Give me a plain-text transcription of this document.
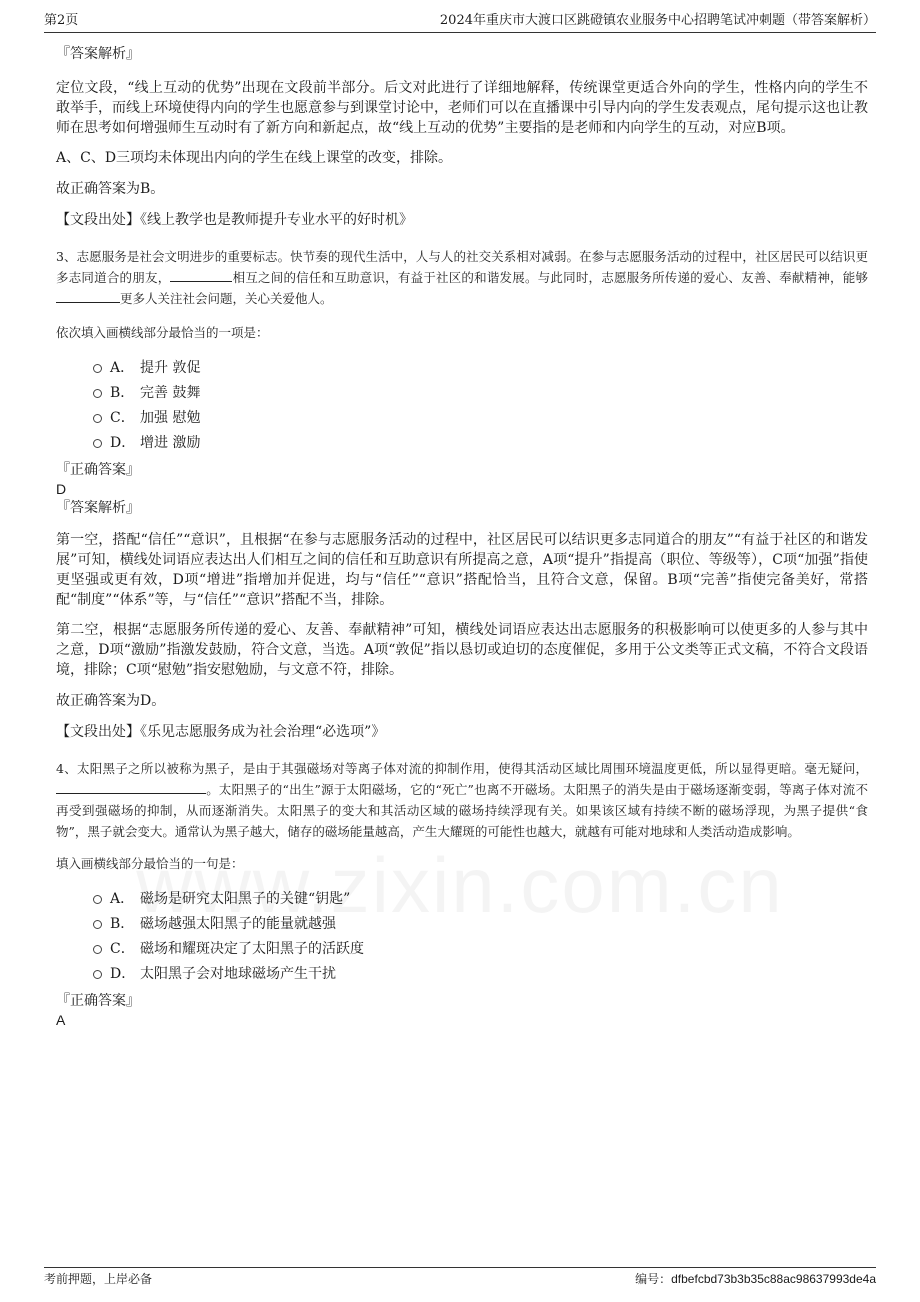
第2页	2024年重庆市大渡口区跳磴镇农业服务中心招聘笔试冲刺题（带答案解析）
『答案解析』

定位文段，“线上互动的优势”出现在文段前半部分。后文对此进行了详细地解释，传统课堂更适合外向的学生，性格内向的学生不敢举手，而线上环境使得内向的学生也愿意参与到课堂讨论中，老师们可以在直播课中引导内向的学生发表观点，尾句提示这也让教师在思考如何增强师生互动时有了新方向和新起点，故“线上互动的优势”主要指的是老师和内向学生的互动，对应B项。

A、C、D三项均未体现出内向的学生在线上课堂的改变，排除。

故正确答案为B。

【文段出处】《线上教学也是教师提升专业水平的好时机》

3、志愿服务是社会文明进步的重要标志。快节奏的现代生活中，人与人的社交关系相对减弱。在参与志愿服务活动的过程中，社区居民可以结识更多志同道合的朋友，	相互之间的信任和互助意识，有益于社区的和谐发展。与此同时，志愿服务所传递的爱心、友善、奉献精神，能够更多人关注社会问题，关心关爱他人。

依次填入画横线部分最恰当的一项是：

A． 提升 敦促
B． 完善 鼓舞
C． 加强 慰勉
D． 增进 激励
『正确答案』
D
『答案解析』

第一空，搭配“信任”“意识”，且根据“在参与志愿服务活动的过程中，社区居民可以结识更多志同道合的朋友”“有益于社区的和谐发展”可知，横线处词语应表达出人们相互之间的信任和互助意识有所提高之意，A项“提升”指提高（职位、等级等），C项“加强”指使更坚强或更有效，D项“增进”指增加并促进，均与“信任”“意识”搭配恰当，且符合文意，保留。B项“完善”指使完备美好，常搭配“制度”“体系”等，与“信任”“意识”搭配不当，排除。

第二空，根据“志愿服务所传递的爱心、友善、奉献精神”可知，横线处词语应表达出志愿服务的积极影响可以使更多的人参与其中之意，D项“激励”指激发鼓励，符合文意，当选。A项“敦促”指以恳切或迫切的态度催促，多用于公文类等正式文稿，不符合文段语境，排除；C项“慰勉”指安慰勉励，与文意不符，排除。

故正确答案为D。

【文段出处】《乐见志愿服务成为社会治理“必选项”》

4、太阳黑子之所以被称为黑子，是由于其强磁场对等离子体对流的抑制作用，使得其活动区域比周围环境温度更低，所以显得更暗。毫无疑问，。太阳黑子的“出生”源于太阳磁场，它的“死亡”也离不开磁场。太阳黑子的消失是由于磁场逐渐变弱，等离子体对流不再受到强磁场的抑制，从而逐渐消失。太阳黑子的变大和其活动区域的磁场持续浮现有关。如果该区域有持续不断的磁场浮现，为黑子提供“食物”，黑子就会变大。通常认为黑子越大，储存的磁场能量越高，产生大耀斑的可能性也越大，就越有可能对地球和人类活动造成影响。

填入画横线部分最恰当的一句是：

A． 磁场是研究太阳黑子的关键“钥匙”
B． 磁场越强太阳黑子的能量就越强
C． 磁场和耀斑决定了太阳黑子的活跃度
D． 太阳黑子会对地球磁场产生干扰
『正确答案』
A
考前押题，上岸必备	编号：dfbefcbd73b3b35c88ac98637993de4a
